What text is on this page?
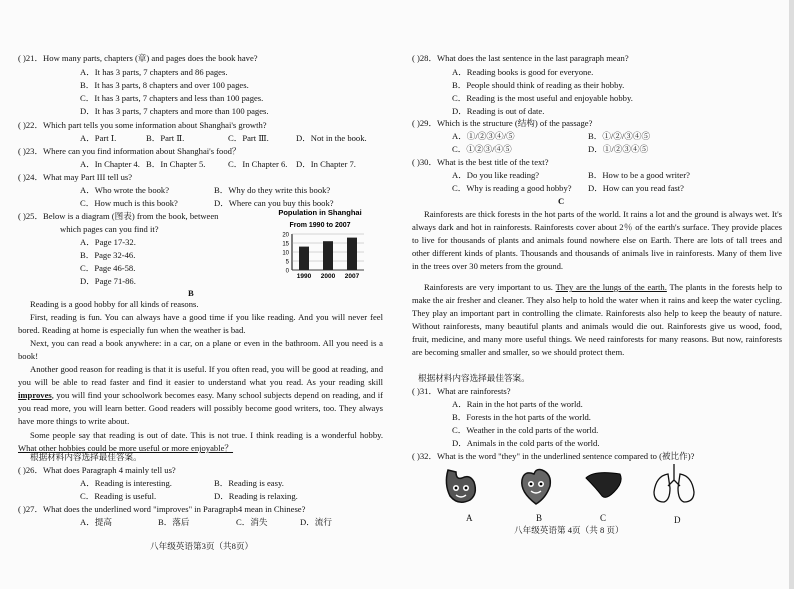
( )21．How many parts, chapters (章) and pages does the book have?
A．It has 3 parts, 7 chapters and 86 pages.
B．It has 3 parts, 8 chapters and over 100 pages.
C．It has 3 parts, 7 chapters and less than 100 pages.
D．It has 3 parts, 7 chapters and more than 100 pages.
( )22．Which part tells you some information about Shanghai's growth?
A．Part Ⅰ.	B．Part Ⅱ.	C．Part Ⅲ.	D．Not in the book.
( )23．Where can you find information about Shanghai's food？
A．In Chapter 4. B．In Chapter 5.	C．In Chapter 6. D．In Chapter 7.
( )24．What may Part III tell us?
A．Who wrote the book?	B．Why do they write this book?
C．How much is this book?	D．Where can you buy this book?
( )25．Below is a diagram (图表) from the book, between
which pages can you find it?
A．Page 17-32.
B．Page 32-46.
C．Page 46-58.
D．Page 71-86.
Population in Shanghai
From 1990 to 2007
20
15
10
5
0
1990 2000 2007
B
Reading is a good hobby for all kinds of reasons.
First, reading is fun. You can always have a good time if you like reading. And you will never feel bored. Reading at home is especially fun when the weather is bad.
Next, you can read a book anywhere: in a car, on a plane or even in the bathroom. All you need is a book!
Another good reason for reading is that it is useful. If you often read, you will be good at reading, and you will be able to read faster and find it easier to understand what you read. As your reading skill improves, you will find your schoolwork becomes easy. Many school subjects depend on reading, and if you read more, you will learn better. Good readers will possibly become good writers, too. They always have more things to write about.
Some people say that reading is out of date. This is not true. I think reading is a wonderful hobby. What other hobbies could be more useful or more enjoyable？
根据材料内容选择最佳答案。
( )26．What does Paragraph 4 mainly tell us?
A．Reading is interesting.	B．Reading is easy.
C．Reading is useful.	D．Reading is relaxing.
( )27．What does the underlined word "improves" in Paragraph4 mean in Chinese?
A．提高	B．落后	C．消失	D．流行
八年级英语第3页（共8页）
( )28．What does the last sentence in the last paragraph mean?
A．Reading books is good for everyone.
B．People should think of reading as their hobby.
C．Reading is the most useful and enjoyable hobby.
D．Reading is out of date.
( )29．Which is the structure (结构) of the passage?
A．①/②③④/⑤	B．①/②/③④⑤
C．①②③/④⑤	D．①/②③④⑤
( )30．What is the best title of the text?
A．Do you like reading?	B．How to be a good writer?
C．Why is reading a good hobby? D．How can you read fast?
C
Rainforests are thick forests in the hot parts of the world. It rains a lot and the ground is always wet. It's always dark and hot in rainforests. Rainforests cover about 2％ of the earth's surface. They provide places to live for thousands of plants and animals found nowhere else on Earth. There are lots of tall trees and other different kinds of plants. Thousands and thousands of animals live in rainforests. Many of them live in the trees over 30 meters from the ground.
Rainforests are very important to us. They are the lungs of the earth. The plants in the forests help to make the air fresher and cleaner. They also help to hold the water when it rains and keep the water cycling. They play an important part in controlling the climate. Rainforests also help to keep the beauty of nature. Without rainforests, many beautiful plants and animals would die out. Rainforests give us wood, food, fruit, medicine, and many more useful things. We need rainforests for many reasons. But now, rainforests are becoming smaller and smaller, so we should protect them.
根据材料内容选择最佳答案。
( )31．What are rainforests?
A．Rain in the hot parts of the world.
B．Forests in the hot parts of the world.
C．Weather in the cold parts of the world.
D．Animals in the cold parts of the world.
( )32．What is the word "they" in the underlined sentence compared to (被比作)?
A	B	C	D
八年级英语第 4页（共 8 页）
